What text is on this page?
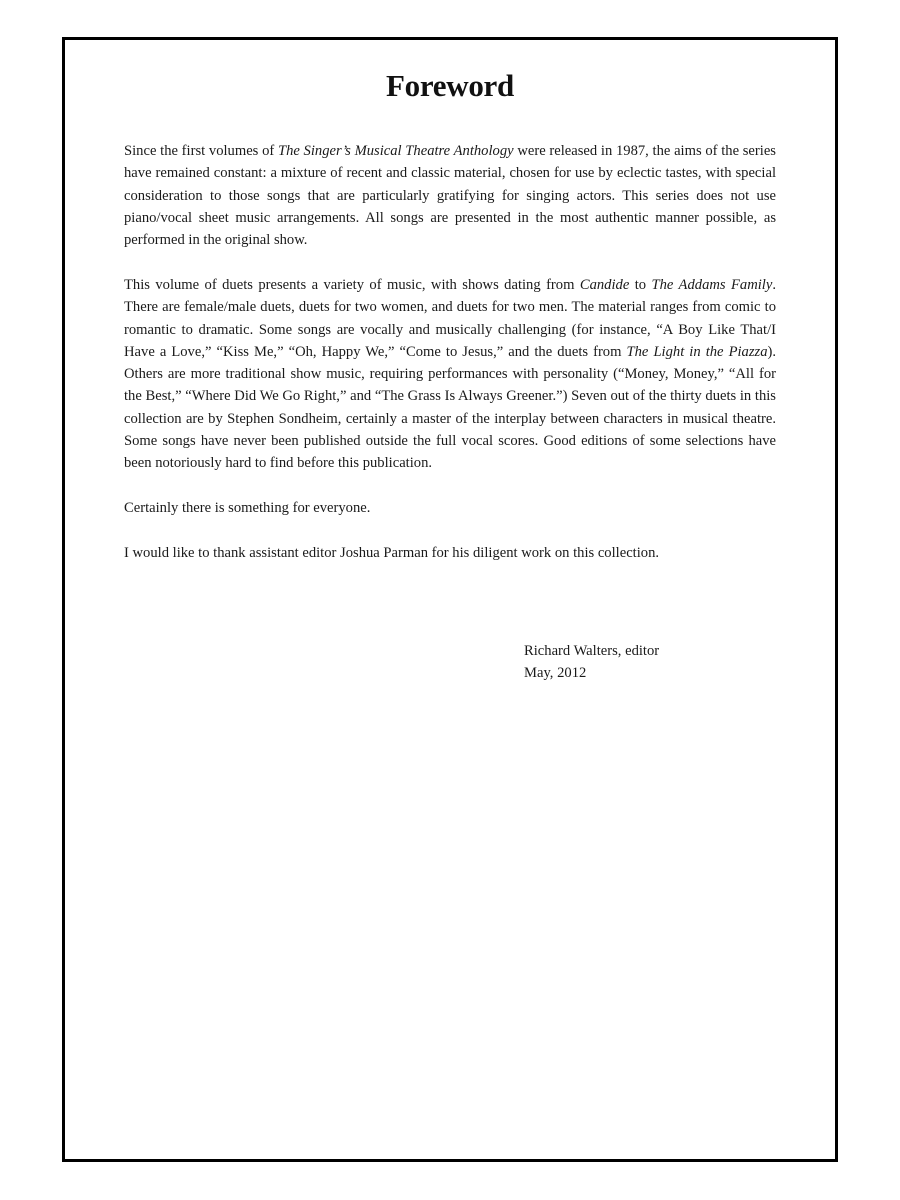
Foreword

Since the first volumes of The Singer’s Musical Theatre Anthology were released in 1987, the aims of the series have remained constant: a mixture of recent and classic material, chosen for use by eclectic tastes, with special consideration to those songs that are particularly gratifying for singing actors. This series does not use piano/vocal sheet music arrangements. All songs are presented in the most authentic manner possible, as performed in the original show.

This volume of duets presents a variety of music, with shows dating from Candide to The Addams Family. There are female/male duets, duets for two women, and duets for two men. The material ranges from comic to romantic to dramatic. Some songs are vocally and musically challenging (for instance, “A Boy Like That/I Have a Love,” “Kiss Me,” “Oh, Happy We,” “Come to Jesus,” and the duets from The Light in the Piazza). Others are more traditional show music, requiring performances with personality (“Money, Money,” “All for the Best,” “Where Did We Go Right,” and “The Grass Is Always Greener.”) Seven out of the thirty duets in this collection are by Stephen Sondheim, certainly a master of the interplay between characters in musical theatre. Some songs have never been published outside the full vocal scores. Good editions of some selections have been notoriously hard to find before this publication.

Certainly there is something for everyone.

I would like to thank assistant editor Joshua Parman for his diligent work on this collection.

Richard Walters, editor
May, 2012
